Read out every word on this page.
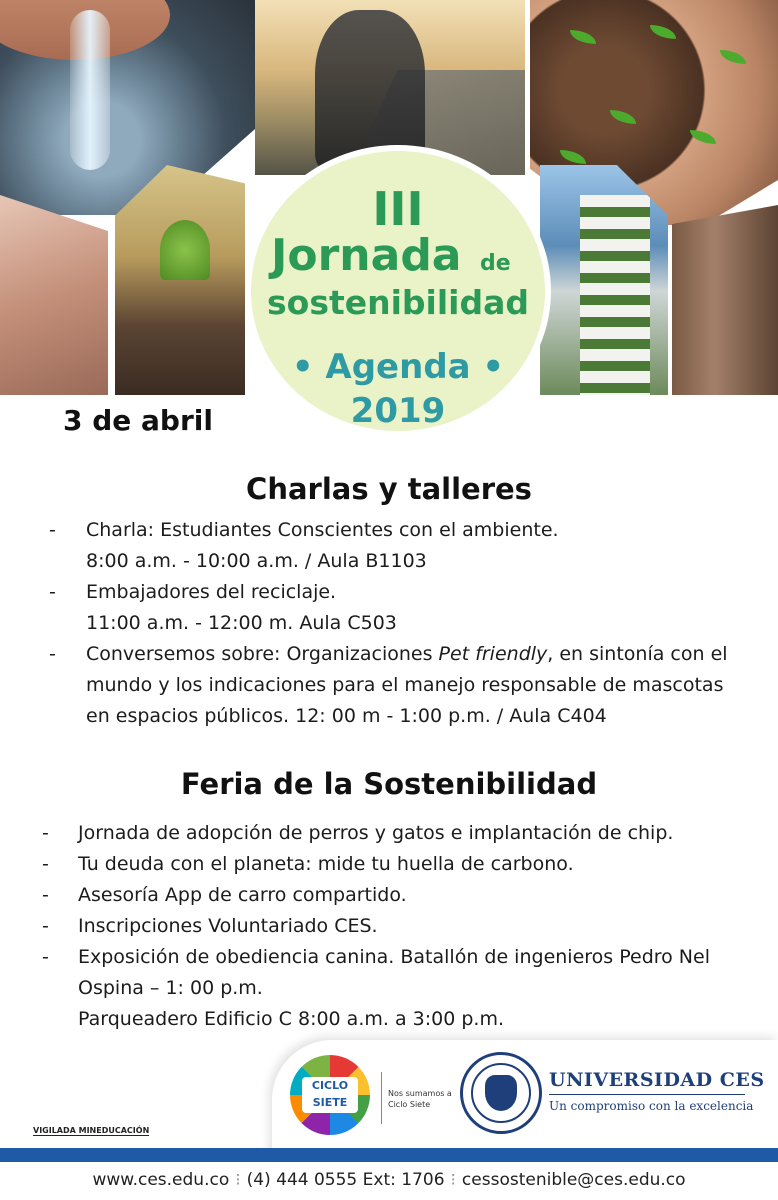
III
Jornada de
sostenibilidad
• Agenda •
2019
3 de abril
Charlas y talleres
- Charla: Estudiantes Conscientes con el ambiente.
8:00 a.m. - 10:00 a.m. / Aula B1103
- Embajadores del reciclaje.
11:00 a.m. - 12:00 m. Aula C503
- Conversemos sobre: Organizaciones Pet friendly, en sintonía con el mundo y los indicaciones para el manejo responsable de mascotas en espacios públicos. 12: 00 m - 1:00 p.m. / Aula C404
Feria de la Sostenibilidad
- Jornada de adopción de perros y gatos e implantación de chip.
- Tu deuda con el planeta: mide tu huella de carbono.
- Asesoría App de carro compartido.
- Inscripciones Voluntariado CES.
- Exposición de obediencia canina. Batallón de ingenieros Pedro Nel Ospina – 1: 00 p.m.
Parqueadero Edificio C 8:00 a.m. a 3:00 p.m.
CICLO
SIETE
Nos sumamos a Ciclo Siete
UNIVERSIDAD CES
Un compromiso con la excelencia
VIGILADA MINEDUCACIÓN
www.ces.edu.co ⁝ (4) 444 0555 Ext: 1706 ⁝ cessostenible@ces.edu.co
